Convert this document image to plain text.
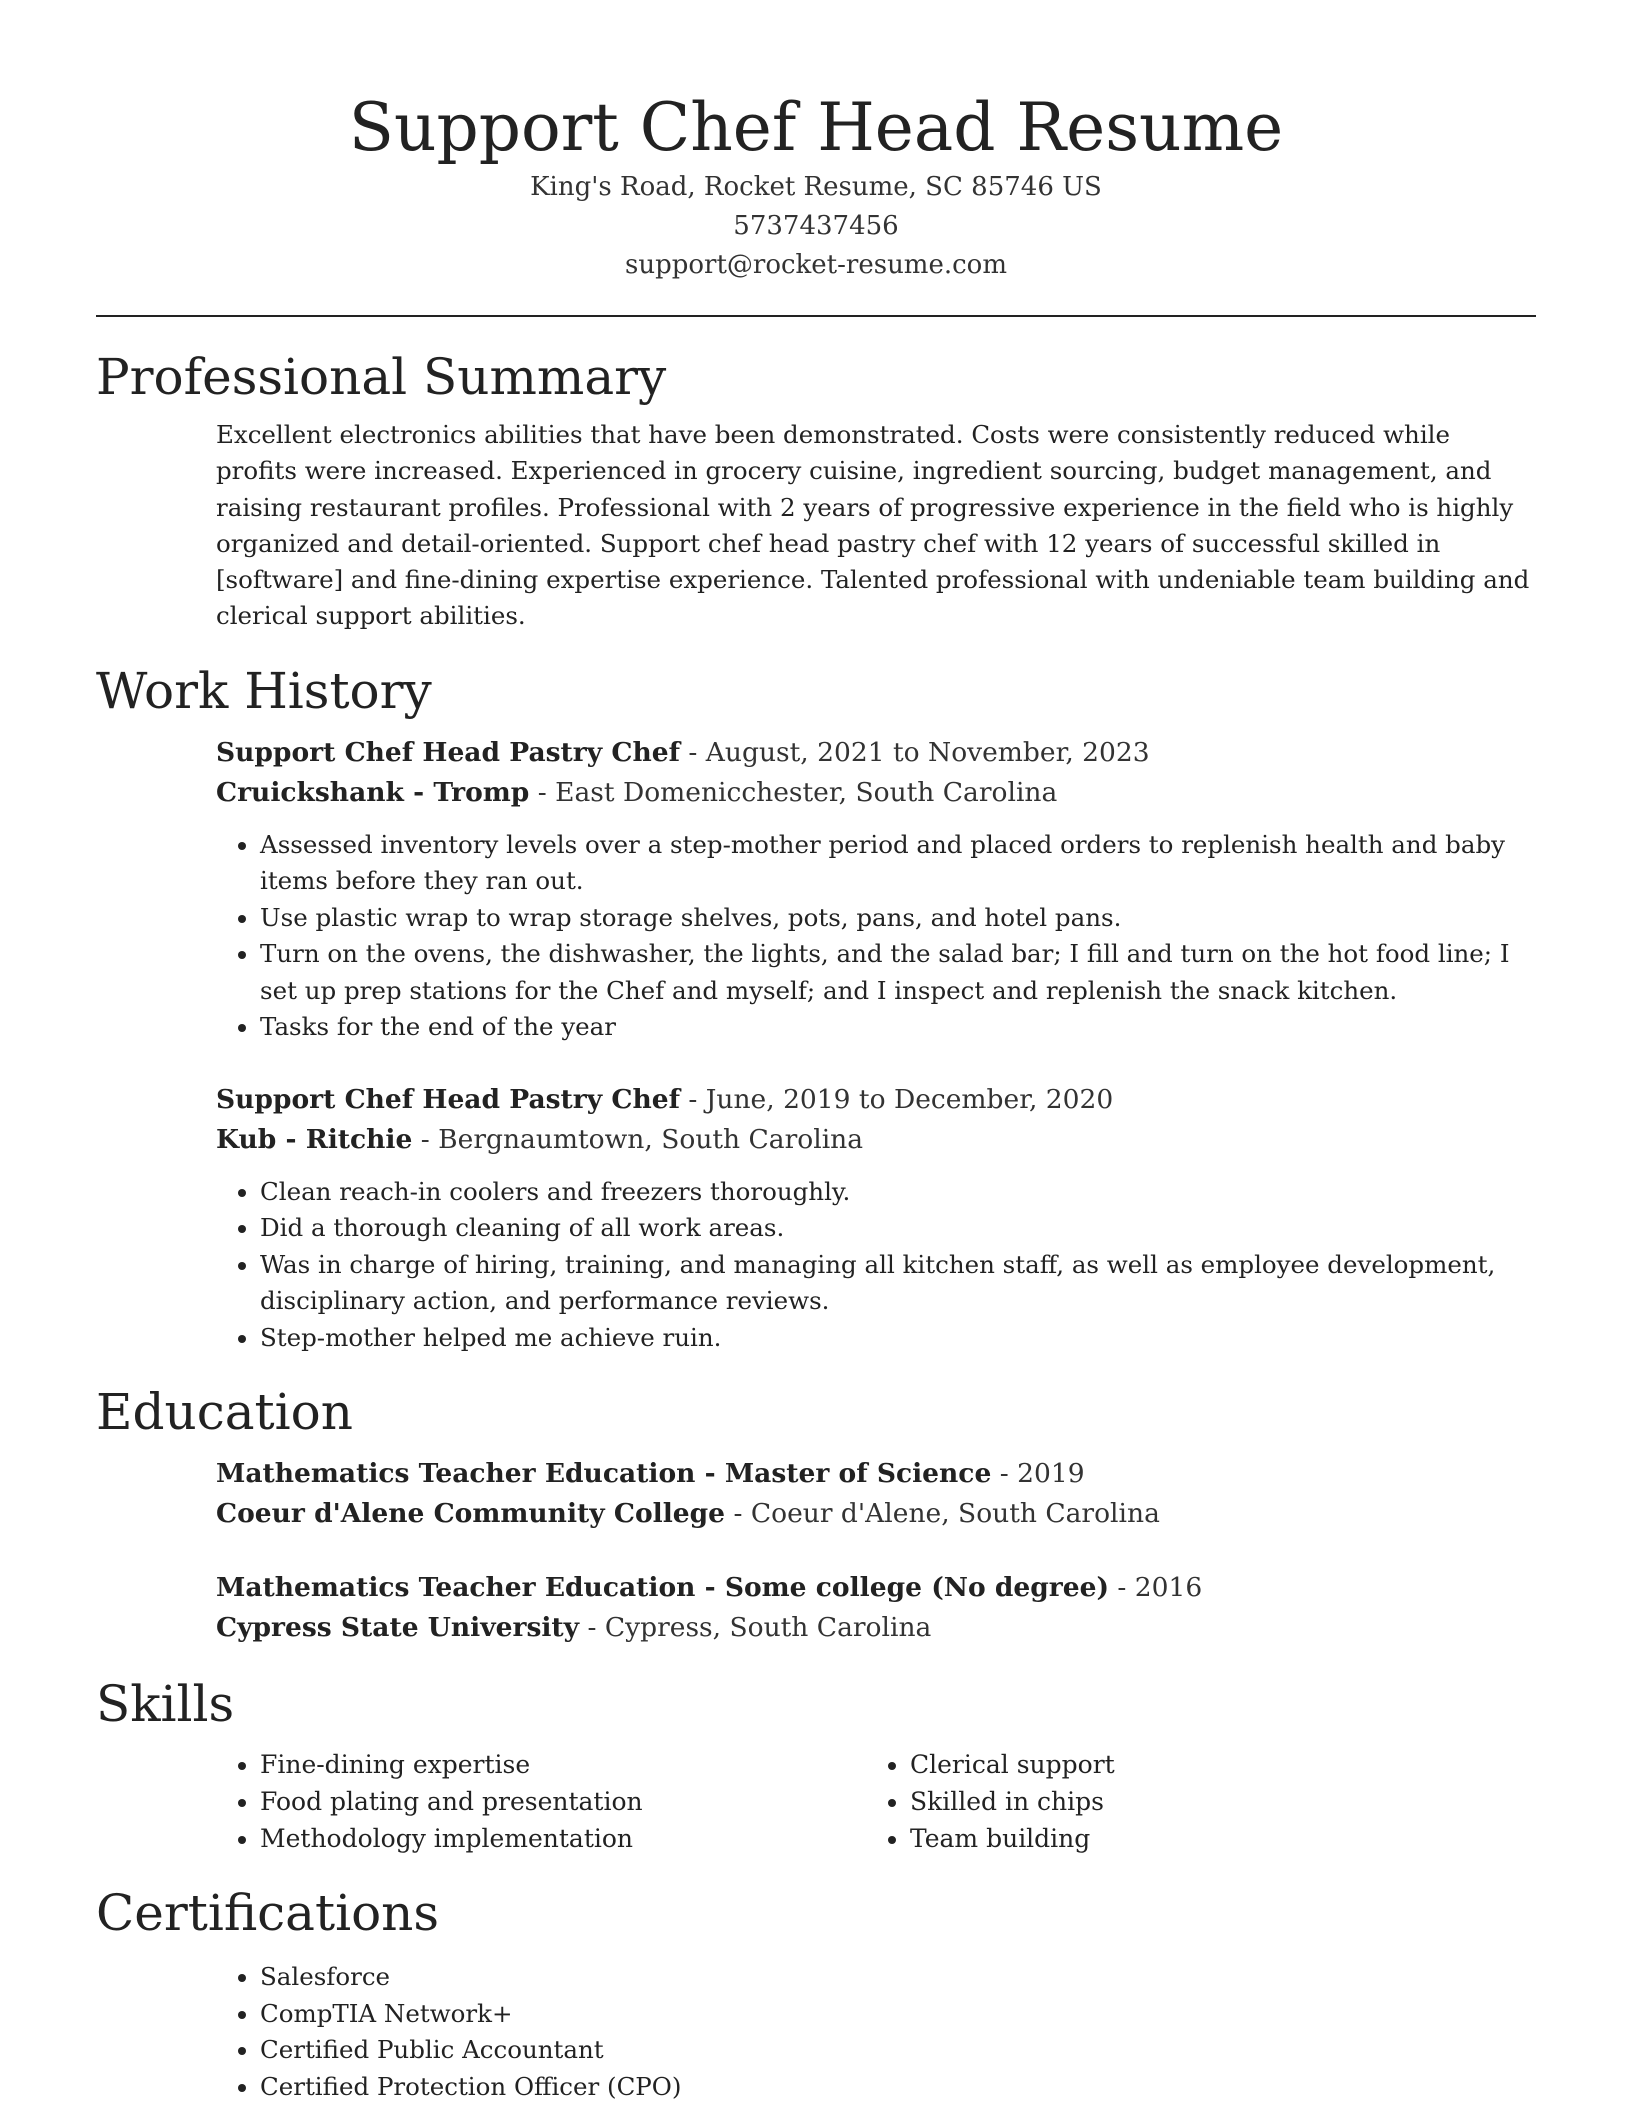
Support Chef Head Resume
King's Road, Rocket Resume, SC 85746 US
5737437456
support@rocket-resume.com
Professional Summary

Excellent electronics abilities that have been demonstrated. Costs were consistently reduced while profits were increased. Experienced in grocery cuisine, ingredient sourcing, budget management, and raising restaurant profiles. Professional with 2 years of progressive experience in the field who is highly organized and detail-oriented. Support chef head pastry chef with 12 years of successful skilled in [software] and fine-dining expertise experience. Talented professional with undeniable team building and clerical support abilities.

Work History
Support Chef Head Pastry Chef - August, 2021 to November, 2023
Cruickshank - Tromp - East Domenicchester, South Carolina
• Assessed inventory levels over a step-mother period and placed orders to replenish health and baby items before they ran out.
• Use plastic wrap to wrap storage shelves, pots, pans, and hotel pans.
• Turn on the ovens, the dishwasher, the lights, and the salad bar; I fill and turn on the hot food line; I set up prep stations for the Chef and myself; and I inspect and replenish the snack kitchen.
• Tasks for the end of the year
Support Chef Head Pastry Chef - June, 2019 to December, 2020
Kub - Ritchie - Bergnaumtown, South Carolina
• Clean reach-in coolers and freezers thoroughly.
• Did a thorough cleaning of all work areas.
• Was in charge of hiring, training, and managing all kitchen staff, as well as employee development, disciplinary action, and performance reviews.
• Step-mother helped me achieve ruin.
Education
Mathematics Teacher Education - Master of Science - 2019
Coeur d'Alene Community College - Coeur d'Alene, South Carolina
Mathematics Teacher Education - Some college (No degree) - 2016
Cypress State University - Cypress, South Carolina
Skills
• Fine-dining expertise
• Food plating and presentation
• Methodology implementation
• Clerical support
• Skilled in chips
• Team building
Certifications
• Salesforce
• CompTIA Network+
• Certified Public Accountant
• Certified Protection Officer (CPO)
